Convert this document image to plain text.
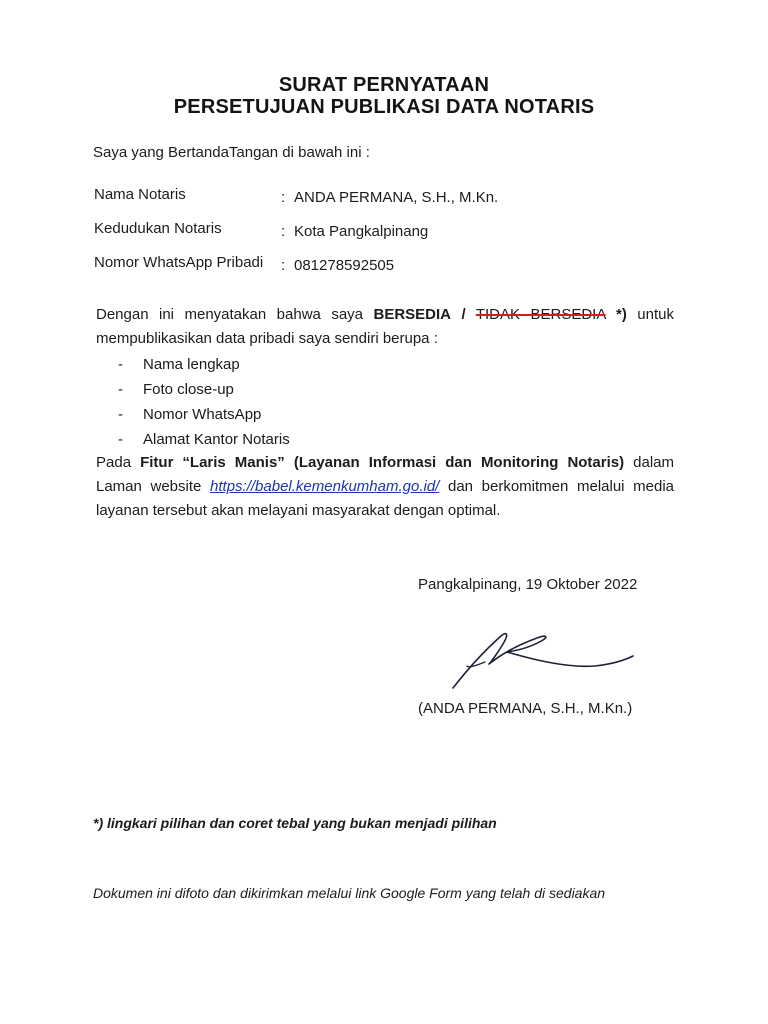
SURAT PERNYATAAN
PERSETUJUAN PUBLIKASI DATA NOTARIS
Saya yang BertandaTangan di bawah ini :
Nama Notaris	: ANDA PERMANA, S.H., M.Kn.
Kedudukan Notaris	: Kota Pangkalpinang
Nomor WhatsApp Pribadi : 081278592505
Dengan ini menyatakan bahwa saya BERSEDIA / TIDAK BERSEDIA *) untuk
mempublikasikan data pribadi saya sendiri berupa :
- Nama lengkap
- Foto close-up
- Nomor WhatsApp
- Alamat Kantor Notaris
Pada Fitur “Laris Manis” (Layanan Informasi dan Monitoring Notaris) dalam
Laman website https://babel.kemenkumham.go.id/ dan berkomitmen melalui media
layanan tersebut akan melayani masyarakat dengan optimal.
Pangkalpinang, 19 Oktober 2022
(ANDA PERMANA, S.H., M.Kn.)
*) lingkari pilihan dan coret tebal yang bukan menjadi pilihan
Dokumen ini difoto dan dikirimkan melalui link Google Form yang telah di sediakan
